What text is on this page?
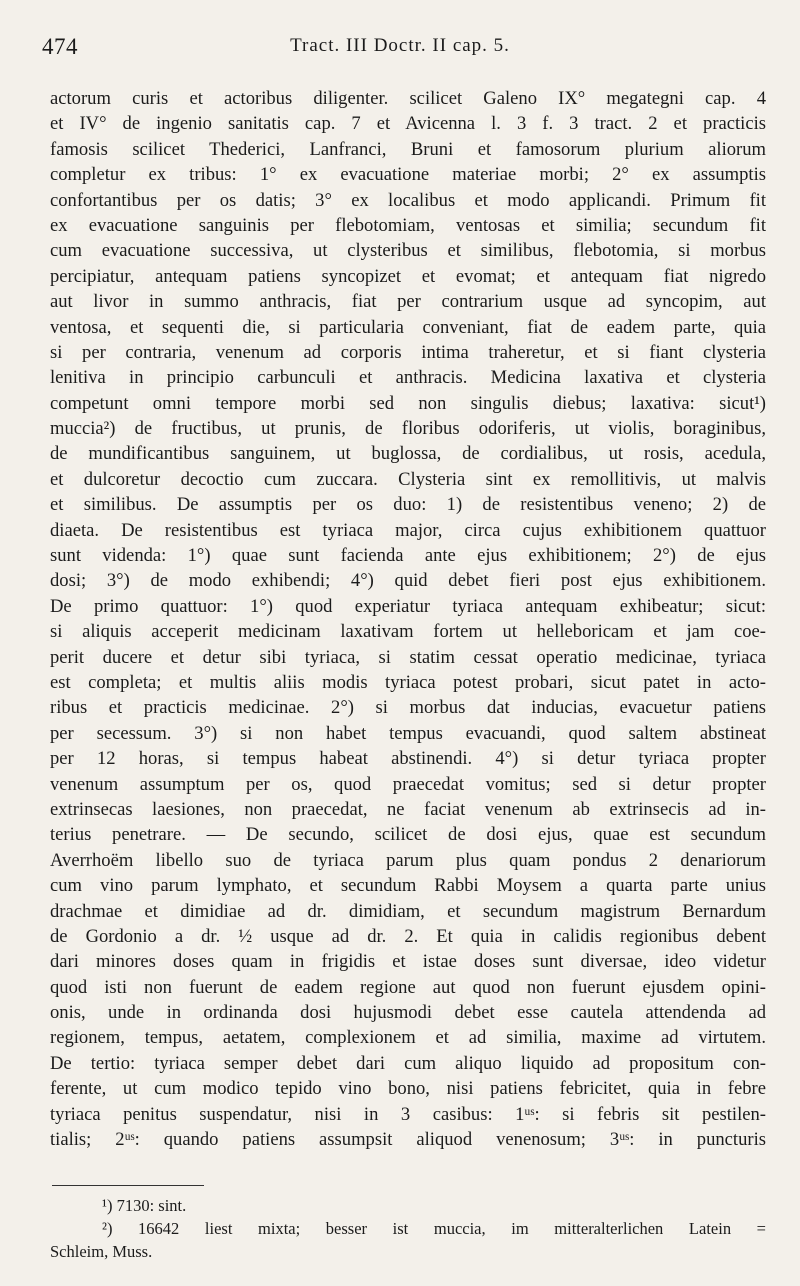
474	Tract. III Doctr. II cap. 5.
actorum curis et actoribus diligenter. scilicet Galeno IX° megategni cap. 4
et IV° de ingenio sanitatis cap. 7 et Avicenna l. 3 f. 3 tract. 2 et practicis
famosis scilicet Thederici, Lanfranci, Bruni et famosorum plurium aliorum
completur ex tribus: 1° ex evacuatione materiae morbi; 2° ex assumptis
confortantibus per os datis; 3° ex localibus et modo applicandi. Primum fit
ex evacuatione sanguinis per flebotomiam, ventosas et similia; secundum fit
cum evacuatione successiva, ut clysteribus et similibus, flebotomia, si morbus
percipiatur, antequam patiens syncopizet et evomat; et antequam fiat nigredo
aut livor in summo anthracis, fiat per contrarium usque ad syncopim, aut
ventosa, et sequenti die, si particularia conveniant, fiat de eadem parte, quia
si per contraria, venenum ad corporis intima traheretur, et si fiant clysteria
lenitiva in principio carbunculi et anthracis. Medicina laxativa et clysteria
competunt omni tempore morbi sed non singulis diebus; laxativa: sicut¹)
muccia²) de fructibus, ut prunis, de floribus odoriferis, ut violis, boraginibus,
de mundificantibus sanguinem, ut buglossa, de cordialibus, ut rosis, acedula,
et dulcoretur decoctio cum zuccara. Clysteria sint ex remollitivis, ut malvis
et similibus. De assumptis per os duo: 1) de resistentibus veneno; 2) de
diaeta. De resistentibus est tyriaca major, circa cujus exhibitionem quattuor
sunt videnda: 1°) quae sunt facienda ante ejus exhibitionem; 2°) de ejus
dosi; 3°) de modo exhibendi; 4°) quid debet fieri post ejus exhibitionem.
De primo quattuor: 1°) quod experiatur tyriaca antequam exhibeatur; sicut:
si aliquis acceperit medicinam laxativam fortem ut helleboricam et jam coe-
perit ducere et detur sibi tyriaca, si statim cessat operatio medicinae, tyriaca
est completa; et multis aliis modis tyriaca potest probari, sicut patet in acto-
ribus et practicis medicinae. 2°) si morbus dat inducias, evacuetur patiens
per secessum. 3°) si non habet tempus evacuandi, quod saltem abstineat
per 12 horas, si tempus habeat abstinendi. 4°) si detur tyriaca propter
venenum assumptum per os, quod praecedat vomitus; sed si detur propter
extrinsecas laesiones, non praecedat, ne faciat venenum ab extrinsecis ad in-
terius penetrare. — De secundo, scilicet de dosi ejus, quae est secundum
Averrhoëm libello suo de tyriaca parum plus quam pondus 2 denariorum
cum vino parum lymphato, et secundum Rabbi Moysem a quarta parte unius
drachmae et dimidiae ad dr. dimidiam, et secundum magistrum Bernardum
de Gordonio a dr. ½ usque ad dr. 2. Et quia in calidis regionibus debent
dari minores doses quam in frigidis et istae doses sunt diversae, ideo videtur
quod isti non fuerunt de eadem regione aut quod non fuerunt ejusdem opini-
onis, unde in ordinanda dosi hujusmodi debet esse cautela attendenda ad
regionem, tempus, aetatem, complexionem et ad similia, maxime ad virtutem.
De tertio: tyriaca semper debet dari cum aliquo liquido ad propositum con-
ferente, ut cum modico tepido vino bono, nisi patiens febricitet, quia in febre
tyriaca penitus suspendatur, nisi in 3 casibus: 1ᵘˢ: si febris sit pestilen-
tialis; 2ᵘˢ: quando patiens assumpsit aliquod venenosum; 3ᵘˢ: in puncturis
¹) 7130: sint.
²) 16642 liest mixta; besser ist muccia, im mitteralterlichen Latein =
Schleim, Muss.
